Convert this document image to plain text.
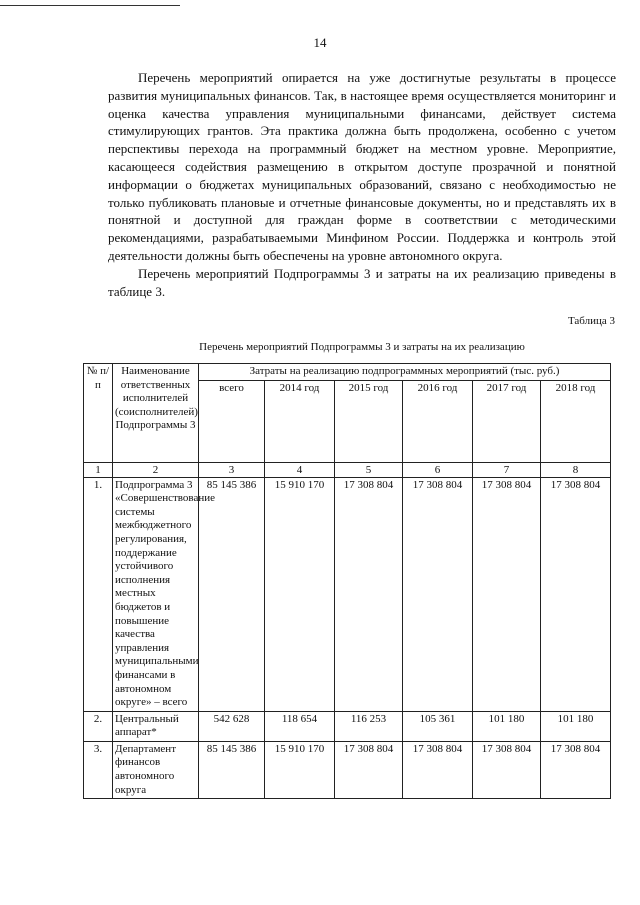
14

Перечень мероприятий опирается на уже достигнутые результаты в процессе развития муниципальных финансов. Так, в настоящее время осуществляется мониторинг и оценка качества управления муниципальными финансами, действует система стимулирующих грантов. Эта практика должна быть продолжена, особенно с учетом перспективы перехода на программный бюджет на местном уровне. Мероприятие, касающееся содействия размещению в открытом доступе прозрачной и понятной информации о бюджетах муниципальных образований, связано с необходимостью не только публиковать плановые и отчетные финансовые документы, но и представлять их в понятной и доступной для граждан форме в соответствии с методическими рекомендациями, разрабатываемыми Минфином России. Поддержка и контроль этой деятельности должны быть обеспечены на уровне автономного округа.

Перечень мероприятий Подпрограммы 3 и затраты на их реализацию приведены в таблице 3.

Таблица 3
Перечень мероприятий Подпрограммы 3 и затраты на их реализацию
№ п/п	Наименование ответственных исполнителей (соисполнителей) Подпрограммы 3	Затраты на реализацию подпрограммных мероприятий (тыс. руб.)					
		всего	2014 год	2015 год	2016 год	2017 год	2018 год
1	2	3	4	5	6	7	8
1.	Подпрограмма 3 «Совершенствование системы межбюджетного регулирования, поддержание устойчивого исполнения местных бюджетов и повышение качества управления муниципальными финансами в автономном округе» – всего	85 145 386	15 910 170	17 308 804	17 308 804	17 308 804	17 308 804
2.	Центральный аппарат*	542 628	118 654	116 253	105 361	101 180	101 180
3.	Департамент финансов автономного округа	85 145 386	15 910 170	17 308 804	17 308 804	17 308 804	17 308 804
